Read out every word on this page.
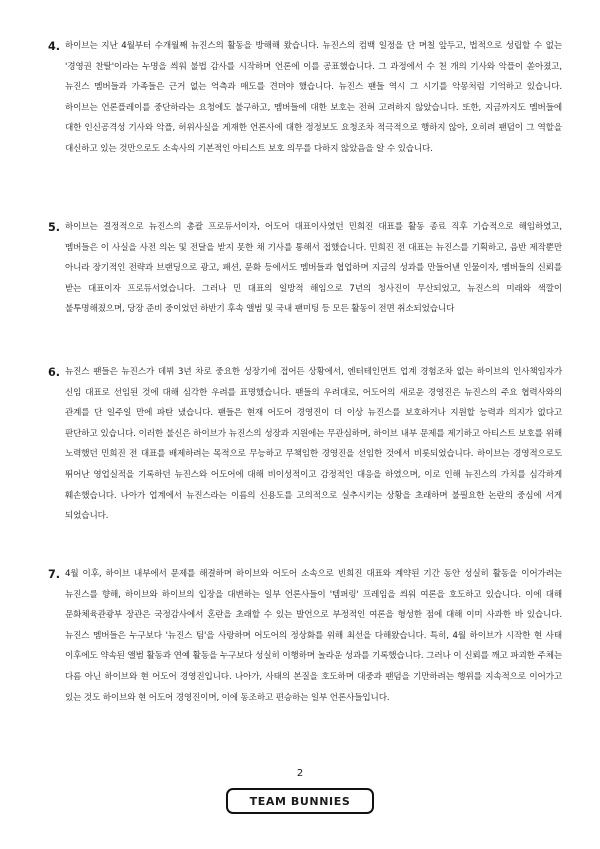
4. 하이브는 지난 4월부터 수개월째 뉴진스의 활동을 방해해 왔습니다. 뉴진스의 컴백 일정을 단 며칠 앞두고, 법적으로 성립할 수 없는 '경영권 찬탈'이라는 누명을 씌워 불법 감사를 시작하며 언론에 이를 공표했습니다. 그 과정에서 수 천 개의 기사와 악플이 쏟아졌고, 뉴진스 멤버들과 가족들은 근거 없는 억측과 매도를 견뎌야 했습니다. 뉴진스 팬들 역시 그 시기를 악몽처럼 기억하고 있습니다. 하이브는 언론플레이를 중단하라는 요청에도 불구하고, 멤버들에 대한 보호는 전혀 고려하지 않았습니다. 또한, 지금까지도 멤버들에 대한 인신공격성 기사와 악플, 허위사실을 게재한 언론사에 대한 정정보도 요청조차 적극적으로 행하지 않아, 오히려 팬덤이 그 역할을 대신하고 있는 것만으로도 소속사의 기본적인 아티스트 보호 의무를 다하지 않았음을 알 수 있습니다.

5. 하이브는 결정적으로 뉴진스의 총괄 프로듀서이자, 어도어 대표이사였던 민희진 대표를 활동 종료 직후 기습적으로 해임하였고, 멤버들은 이 사실을 사전 의논 및 전달을 받지 못한 채 기사를 통해서 접했습니다. 민희진 전 대표는 뉴진스를 기획하고, 음반 제작뿐만 아니라 장기적인 전략과 브랜딩으로 광고, 패션, 문화 등에서도 멤버들과 협업하며 지금의 성과를 만들어낸 인물이자, 멤버들의 신뢰를 받는 대표이자 프로듀서였습니다. 그러나 민 대표의 일방적 해임으로 7년의 청사진이 무산되었고, 뉴진스의 미래와 색깔이 불투명해졌으며, 당장 준비 중이었던 하반기 후속 앨범 및 국내 팬미팅 등 모든 활동이 전면 취소되었습니다

6. 뉴진스 팬들은 뉴진스가 데뷔 3년 차로 중요한 성장기에 접어든 상황에서, 엔터테인먼트 업계 경험조차 없는 하이브의 인사책임자가 신임 대표로 선임된 것에 대해 심각한 우려를 표명했습니다. 팬들의 우려대로, 어도어의 새로운 경영진은 뉴진스의 주요 협력사와의 관계를 단 일주일 만에 파탄 냈습니다. 팬들은 현재 어도어 경영진이 더 이상 뉴진스를 보호하거나 지원할 능력과 의지가 없다고 판단하고 있습니다. 이러한 불신은 하이브가 뉴진스의 성장과 지원에는 무관심하며, 하이브 내부 문제를 제기하고 아티스트 보호를 위해 노력했던 민희진 전 대표를 배제하려는 목적으로 무능하고 무책임한 경영진을 선임한 것에서 비롯되었습니다. 하이브는 경영적으로도 뛰어난 영업실적을 기록하던 뉴진스와 어도어에 대해 비이성적이고 감정적인 대응을 하였으며, 이로 인해 뉴진스의 가치를 심각하게 훼손했습니다. 나아가 업계에서 뉴진스라는 이름의 신용도를 고의적으로 실추시키는 상황을 초래하며 불필요한 논란의 중심에 서게 되었습니다.

7. 4월 이후, 하이브 내부에서 문제를 해결하며 하이브와 어도어 소속으로 빈희진 대표와 계약된 기간 동안 성실히 활동을 이어가려는 뉴진스를 향해, 하이브와 하이브의 입장을 대변하는 일부 언론사들이 '템퍼링' 프레임을 씌워 여론을 호도하고 있습니다. 이에 대해 문화체육관광부 장관은 국정감사에서 혼란을 초래할 수 있는 발언으로 부정적인 여론을 형성한 점에 대해 이미 사과한 바 있습니다. 뉴진스 멤버들은 누구보다 '뉴진스 팀'을 사랑하며 어도어의 정상화를 위해 최선을 다해왔습니다. 특히, 4월 하이브가 시작한 현 사태 이후에도 약속된 앨범 활동과 연예 활동을 누구보다 성실히 이행하며 놀라운 성과를 기록했습니다. 그러나 이 신뢰를 깨고 파괴한 주체는 다름 아닌 하이브와 현 어도어 경영진입니다. 나아가, 사태의 본질을 호도하며 대중과 팬덤을 기만하려는 행위를 지속적으로 이어가고 있는 것도 하이브와 현 어도어 경영진이며, 이에 동조하고 편승하는 일부 언론사들입니다.

2
TEAM BUNNIES
